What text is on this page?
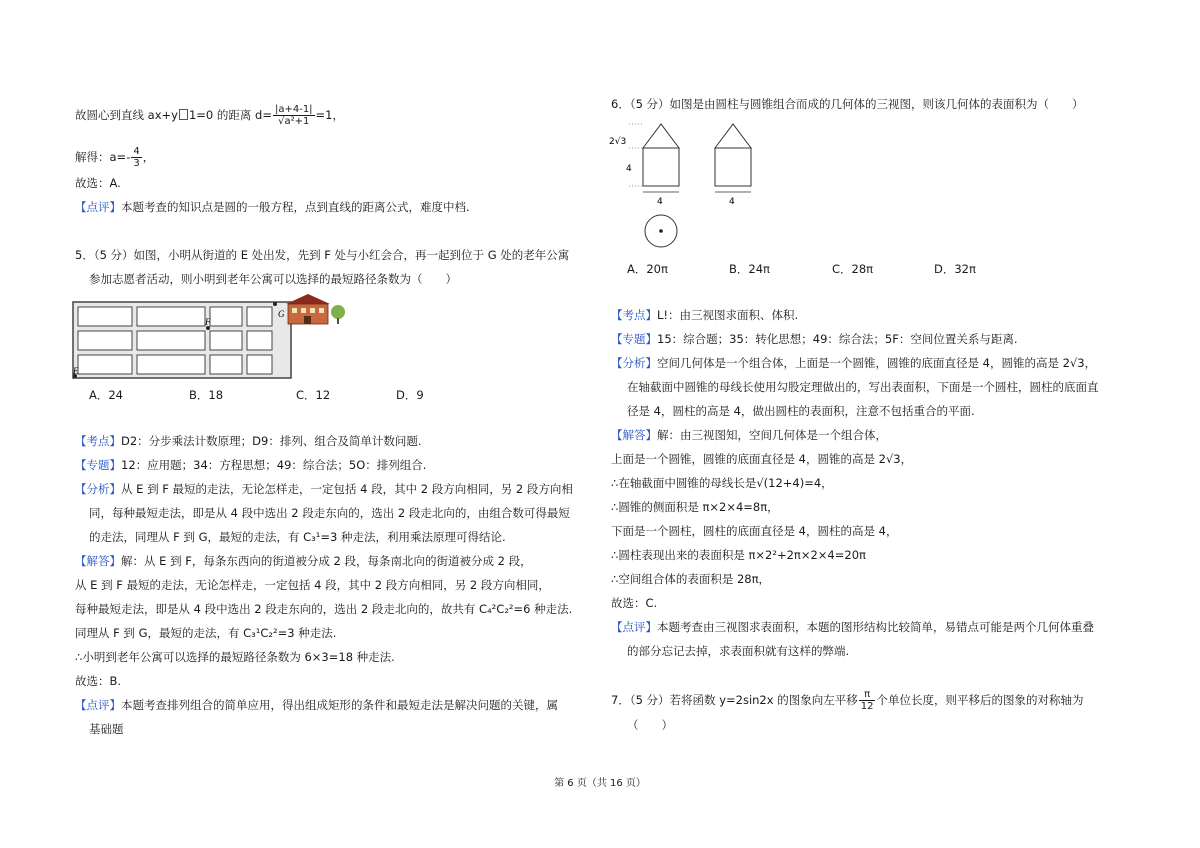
故圆心到直线 ax+y 1=0 的距离 $d= \frac{|a+4-1|}{\text{√a²+1}} =1$，
解得：$a=- \frac{4}{3}$ ，
故选：A.
【点评】本题考查的知识点是圆的一般方程，点到直线的距离公式，难度中档.
5．（5 分）如图，小明从街道的 E 处出发，先到 F 处与小红会合，再一起到位于 G 处的老年公寓
参加志愿者活动，则小明到老年公寓可以选择的最短路径条数为（　　）
F
G
E
A．24	B．18	C．12	D．9
【考点】D2：分步乘法计数原理；D9：排列、组合及简单计数问题.
【专题】12：应用题；34：方程思想；49：综合法；5O：排列组合.
【分析】从 E 到 F 最短的走法，无论怎样走，一定包括 4 段，其中 2 段方向相同，另 2 段方向相
同，每种最短走法，即是从 4 段中选出 2 段走东向的，选出 2 段走北向的，由组合数可得最短
的走法，同理从 F 到 G，最短的走法，有 C₃¹=3 种走法，利用乘法原理可得结论.
【解答】解：从 E 到 F，每条东西向的街道被分成 2 段，每条南北向的街道被分成 2 段，
从 E 到 F 最短的走法，无论怎样走，一定包括 4 段，其中 2 段方向相同，另 2 段方向相同，
每种最短走法，即是从 4 段中选出 2 段走东向的，选出 2 段走北向的，故共有 C₄²C₂²=6 种走法.
同理从 F 到 G，最短的走法，有 C₃¹C₂²=3 种走法.
∴小明到老年公寓可以选择的最短路径条数为 6×3=18 种走法.
故选：B.
【点评】本题考查排列组合的简单应用，得出组成矩形的条件和最短走法是解决问题的关键，属
基础题
6．（5 分）如图是由圆柱与圆锥组合而成的几何体的三视图，则该几何体的表面积为（　　）
2√3
4
4	4
A．20π	B．24π	C．28π	D．32π
【考点】L!：由三视图求面积、体积.
【专题】15：综合题；35：转化思想；49：综合法；5F：空间位置关系与距离.
【分析】空间几何体是一个组合体，上面是一个圆锥，圆锥的底面直径是 4，圆锥的高是 2√3，
在轴截面中圆锥的母线长使用勾股定理做出的，写出表面积，下面是一个圆柱，圆柱的底面直
径是 4，圆柱的高是 4，做出圆柱的表面积，注意不包括重合的平面.
【解答】解：由三视图知，空间几何体是一个组合体，
上面是一个圆锥，圆锥的底面直径是 4，圆锥的高是 2√3，
∴在轴截面中圆锥的母线长是√(12+4)=4，
∴圆锥的侧面积是 π×2×4=8π，
下面是一个圆柱，圆柱的底面直径是 4，圆柱的高是 4，
∴圆柱表现出来的表面积是 π×2²+2π×2×4=20π
∴空间组合体的表面积是 28π，
故选：C.
【点评】本题考查由三视图求表面积，本题的图形结构比较简单，易错点可能是两个几何体重叠
的部分忘记去掉，求表面积就有这样的弊端.
7．（5 分）若将函数 y=2sin2x 的图象向左平移 $\frac{\pi}{12}$ 个单位长度，则平移后的图象的对称轴为
（　　）
第 6 页（共 16 页）
